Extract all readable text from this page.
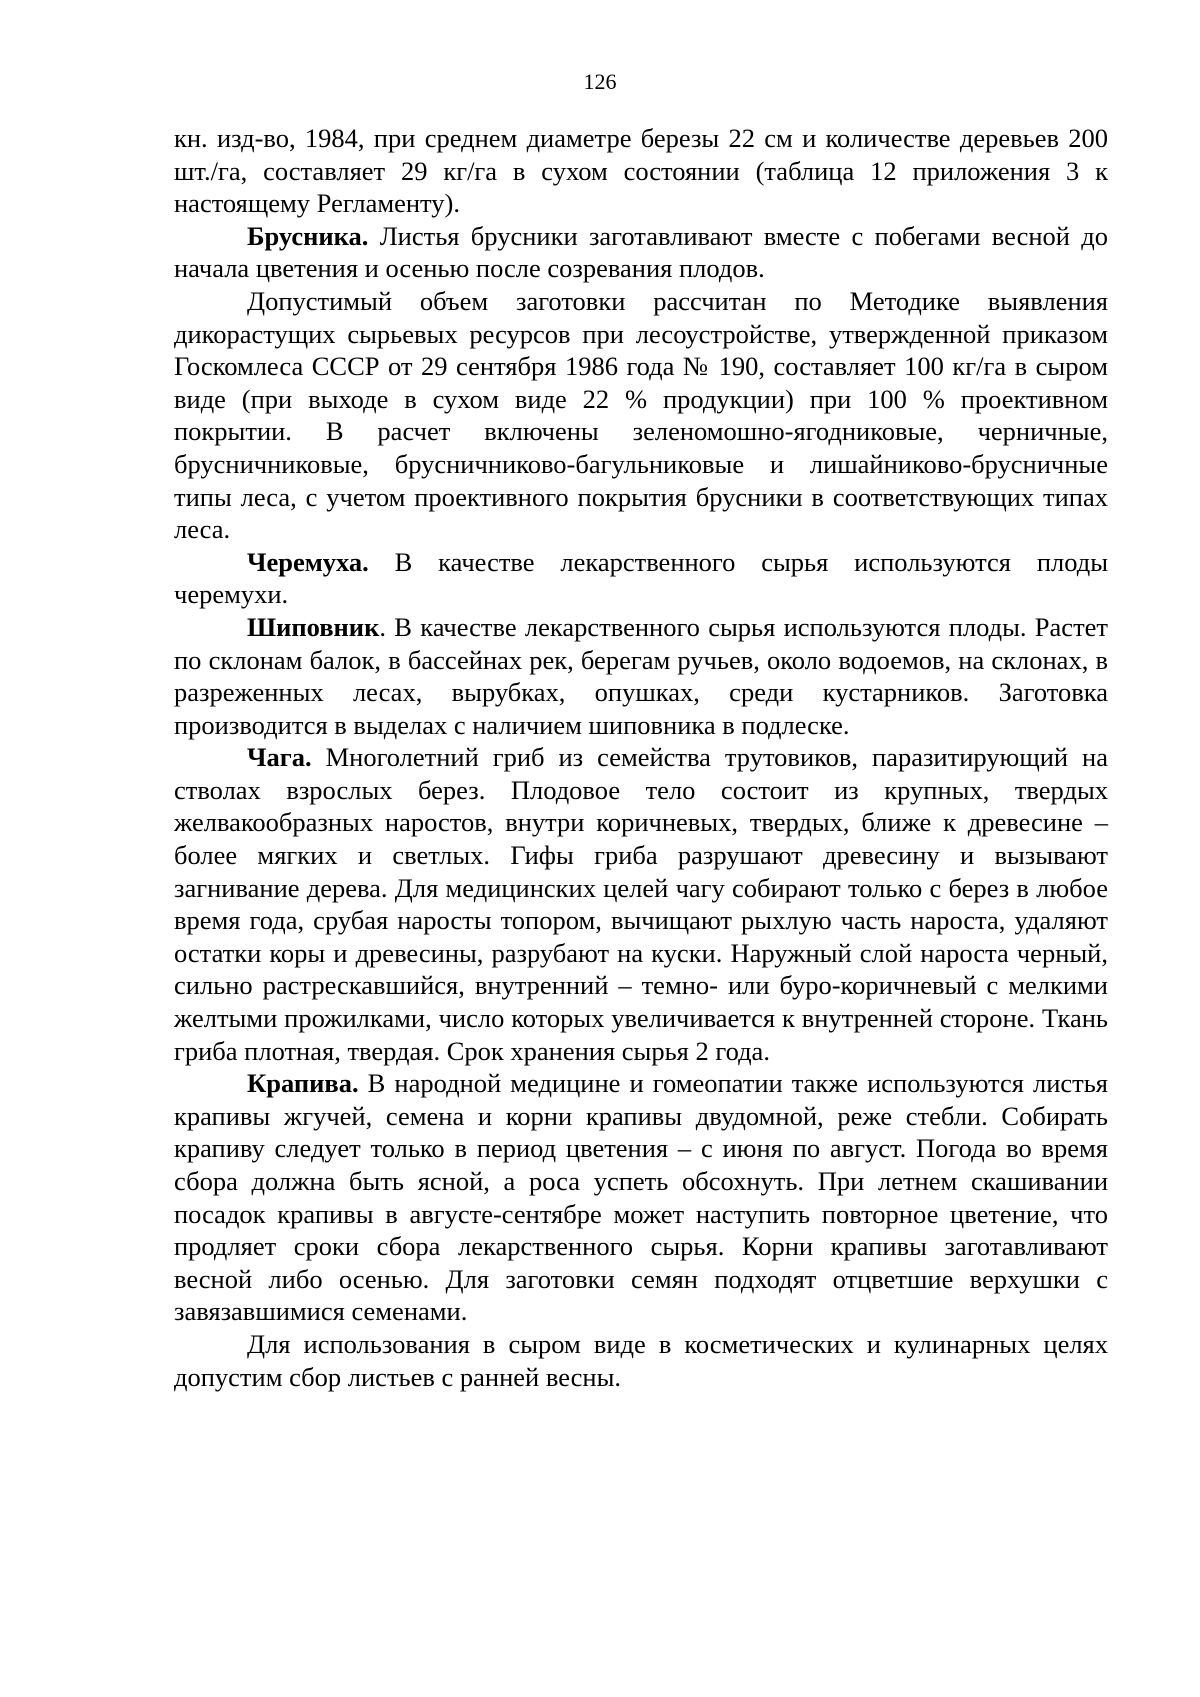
126

кн. изд-во, 1984, при среднем диаметре березы 22 см и количестве деревьев 200 шт./га, составляет 29 кг/га в сухом состоянии (таблица 12 приложения 3 к настоящему Регламенту).

Брусника. Листья брусники заготавливают вместе с побегами весной до начала цветения и осенью после созревания плодов.

Допустимый объем заготовки рассчитан по Методике выявления дикорастущих сырьевых ресурсов при лесоустройстве, утвержденной приказом Госкомлеса СССР от 29 сентября 1986 года № 190, составляет 100 кг/га в сыром виде (при выходе в сухом виде 22 % продукции) при 100 % проективном покрытии. В расчет включены зеленомошно-ягодниковые, черничные, брусничниковые, брусничниково-багульниковые и лишайниково-брусничные типы леса, с учетом проективного покрытия брусники в соответствующих типах леса.

Черемуха. В качестве лекарственного сырья используются плоды черемухи.

Шиповник. В качестве лекарственного сырья используются плоды. Растет по склонам балок, в бассейнах рек, берегам ручьев, около водоемов, на склонах, в разреженных лесах, вырубках, опушках, среди кустарников. Заготовка производится в выделах с наличием шиповника в подлеске.

Чага. Многолетний гриб из семейства трутовиков, паразитирующий на стволах взрослых берез. Плодовое тело состоит из крупных, твердых желвакообразных наростов, внутри коричневых, твердых, ближе к древесине – более мягких и светлых. Гифы гриба разрушают древесину и вызывают загнивание дерева. Для медицинских целей чагу собирают только с берез в любое время года, срубая наросты топором, вычищают рыхлую часть нароста, удаляют остатки коры и древесины, разрубают на куски. Наружный слой нароста черный, сильно растрескавшийся, внутренний – темно- или буро-коричневый с мелкими желтыми прожилками, число которых увеличивается к внутренней стороне. Ткань гриба плотная, твердая. Срок хранения сырья 2 года.

Крапива. В народной медицине и гомеопатии также используются листья крапивы жгучей, семена и корни крапивы двудомной, реже стебли. Собирать крапиву следует только в период цветения – с июня по август. Погода во время сбора должна быть ясной, а роса успеть обсохнуть. При летнем скашивании посадок крапивы в августе-сентябре может наступить повторное цветение, что продляет сроки сбора лекарственного сырья. Корни крапивы заготавливают весной либо осенью. Для заготовки семян подходят отцветшие верхушки с завязавшимися семенами.

Для использования в сыром виде в косметических и кулинарных целях допустим сбор листьев с ранней весны.
